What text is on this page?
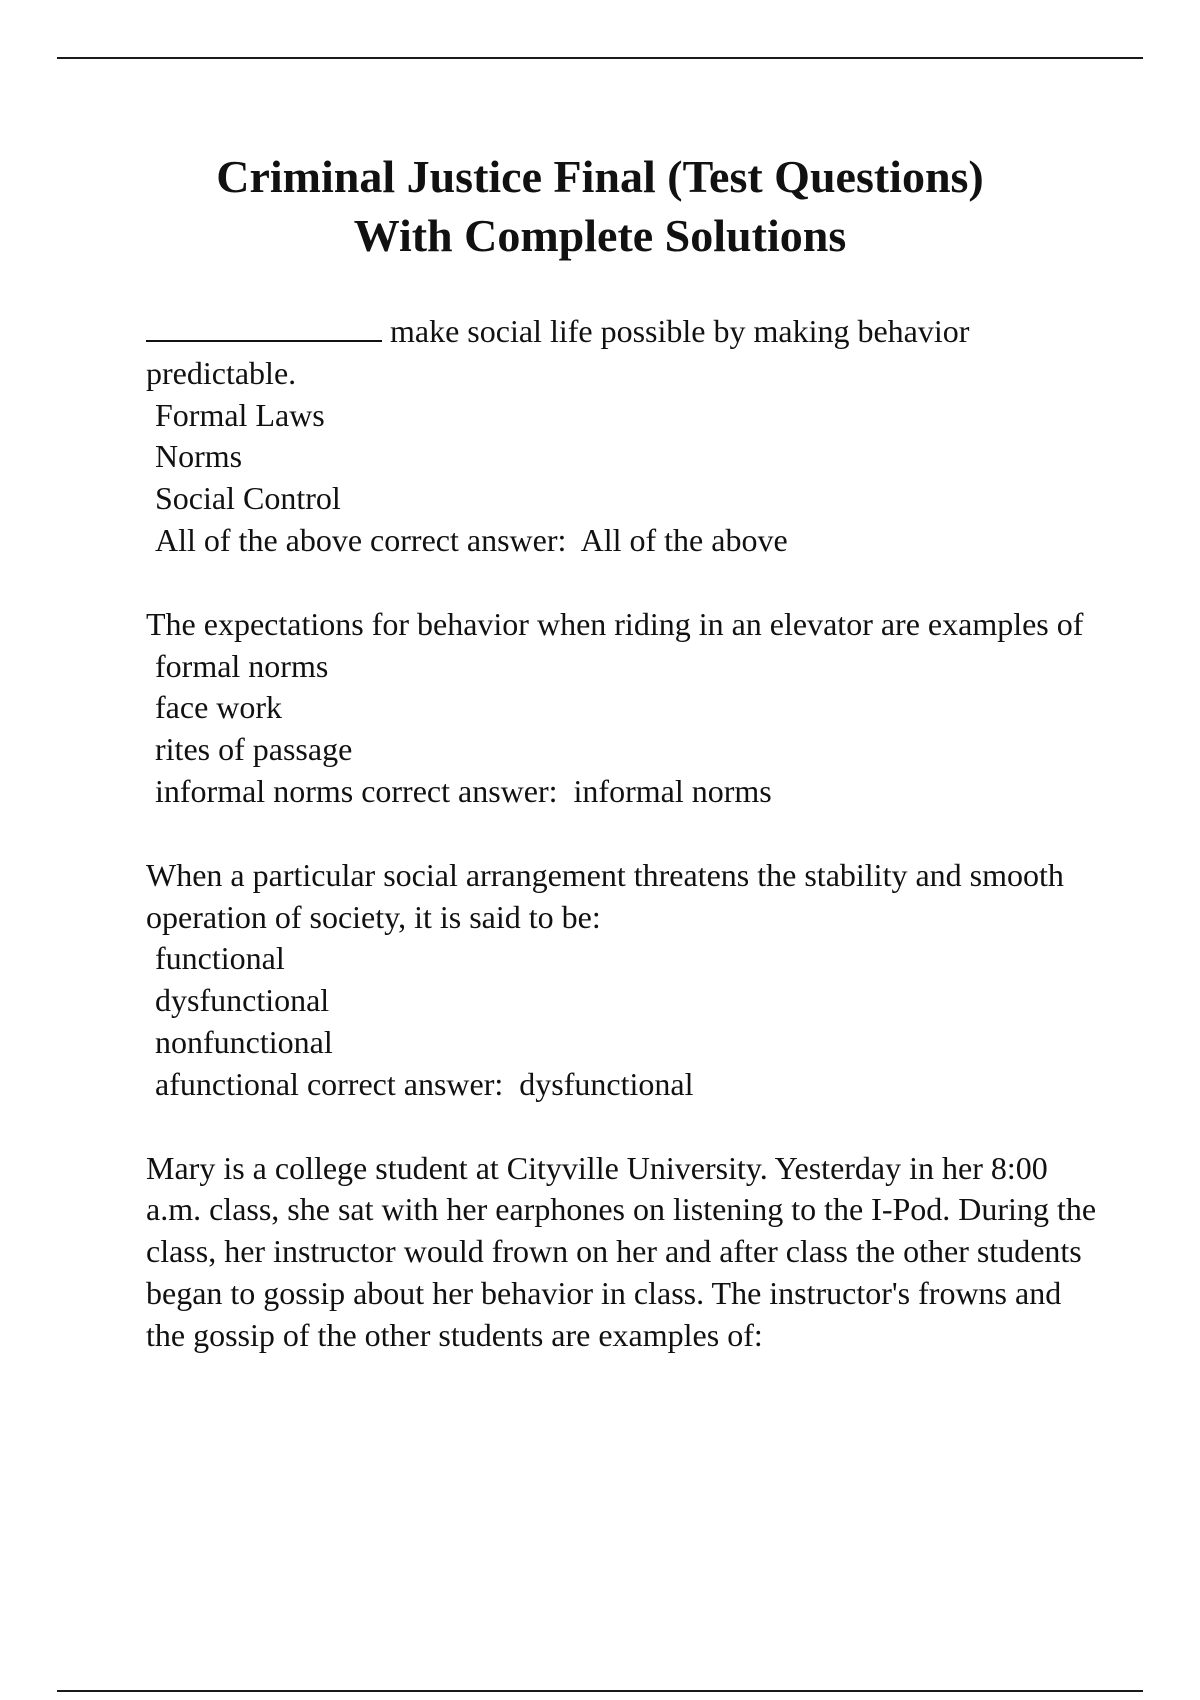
Criminal Justice Final (Test Questions)
With Complete Solutions

make social life possible by making behavior predictable.

Formal Laws

Norms

Social Control

All of the above correct answer:  All of the above

The expectations for behavior when riding in an elevator are examples of

formal norms

face work

rites of passage

informal norms correct answer:  informal norms

When a particular social arrangement threatens the stability and smooth operation of society, it is said to be:

functional

dysfunctional

nonfunctional

afunctional correct answer:  dysfunctional

Mary is a college student at Cityville University. Yesterday in her 8:00 a.m. class, she sat with her earphones on listening to the I-Pod. During the class, her instructor would frown on her and after class the other students began to gossip about her behavior in class. The instructor's frowns and the gossip of the other students are examples of:
